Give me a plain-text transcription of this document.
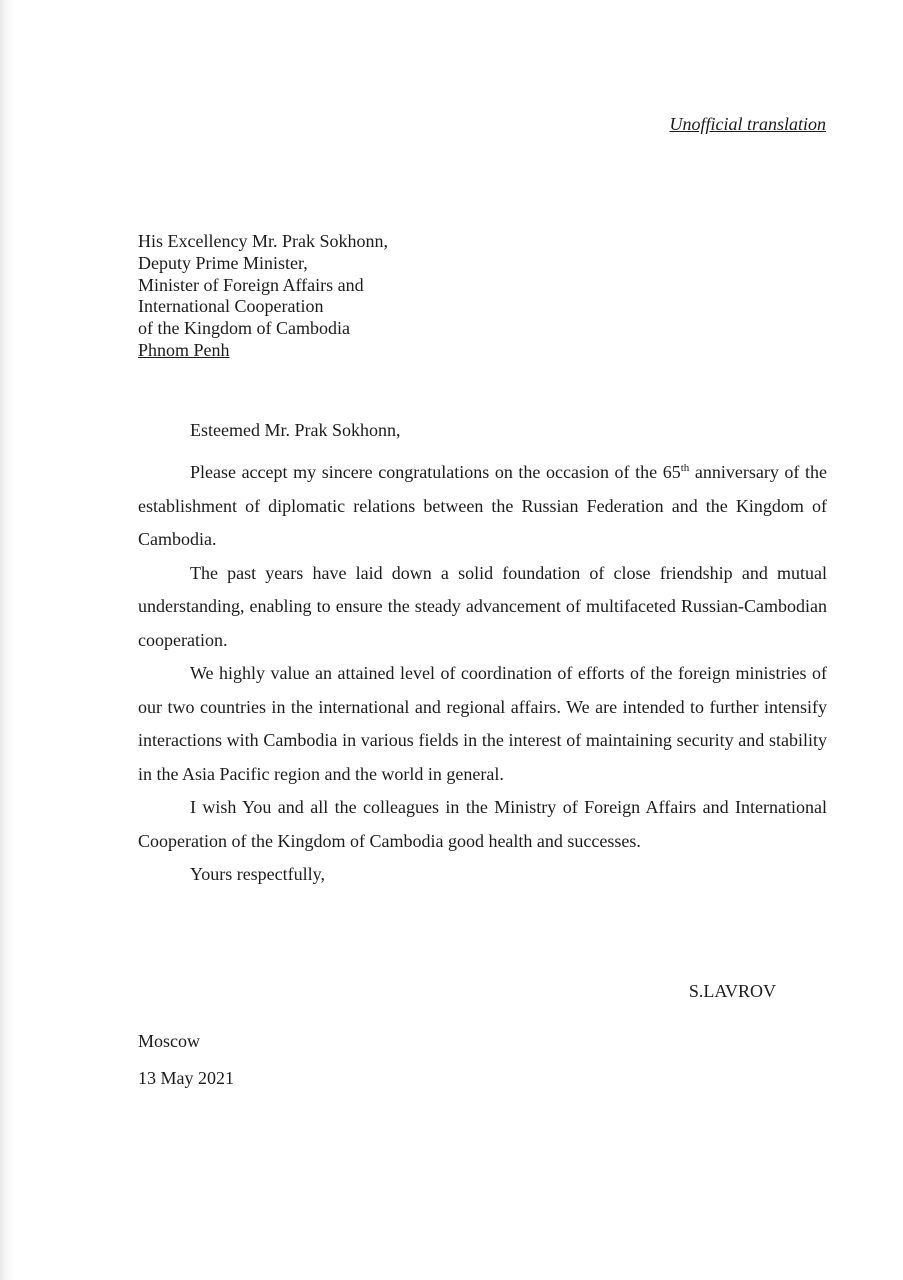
Unofficial translation
His Excellency Mr. Prak Sokhonn,
Deputy Prime Minister,
Minister of Foreign Affairs and
International Cooperation
of the Kingdom of Cambodia
Phnom Penh
Esteemed Mr. Prak Sokhonn,

Please accept my sincere congratulations on the occasion of the 65th anniversary of the establishment of diplomatic relations between the Russian Federation and the Kingdom of Cambodia.

The past years have laid down a solid foundation of close friendship and mutual understanding, enabling to ensure the steady advancement of multifaceted Russian-Cambodian cooperation.

We highly value an attained level of coordination of efforts of the foreign ministries of our two countries in the international and regional affairs. We are intended to further intensify interactions with Cambodia in various fields in the interest of maintaining security and stability in the Asia Pacific region and the world in general.

I wish You and all the colleagues in the Ministry of Foreign Affairs and International Cooperation of the Kingdom of Cambodia good health and successes.

Yours respectfully,
S.LAVROV
Moscow
13 May 2021
